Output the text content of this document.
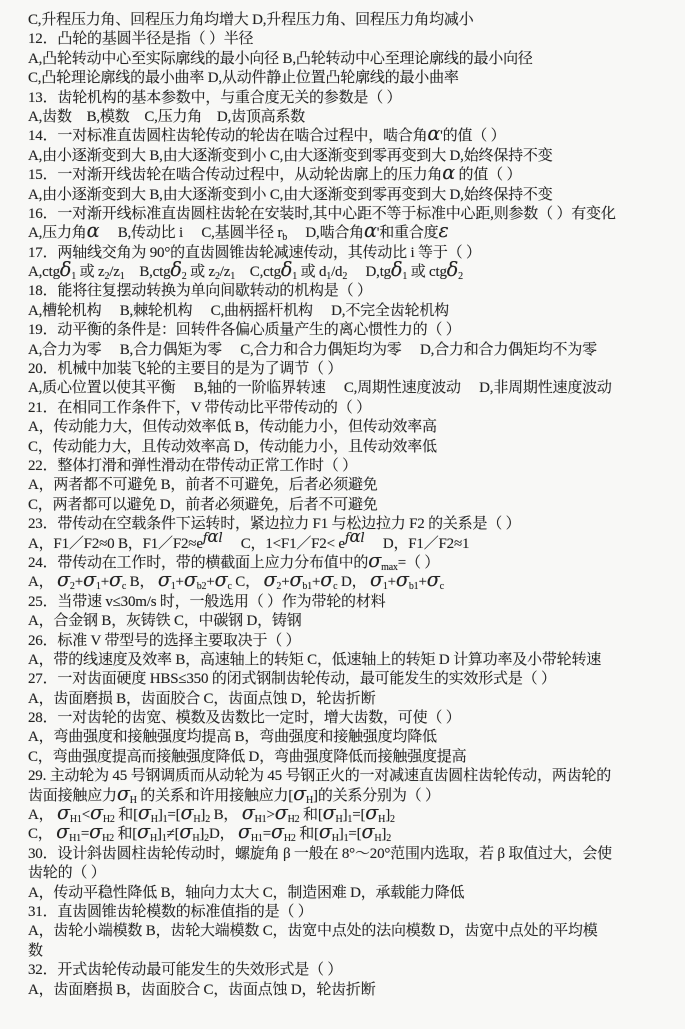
C,升程压力角、回程压力角均增大 D,升程压力角、回程压力角均减小
12．凸轮的基圆半径是指（ ）半径
A,凸轮转动中心至实际廓线的最小向径 B,凸轮转动中心至理论廓线的最小向径
C,凸轮理论廓线的最小曲率 D,从动件静止位置凸轮廓线的最小曲率
13．齿轮机构的基本参数中，与重合度无关的参数是（ ）
A,齿数　B,模数　C,压力角　D,齿顶高系数
14．一对标准直齿圆柱齿轮传动的轮齿在啮合过程中，啮合角α'的值（ ）
A,由小逐渐变到大 B,由大逐渐变到小 C,由大逐渐变到零再变到大 D,始终保持不变
15．一对渐开线齿轮在啮合传动过程中，从动轮齿廓上的压力角α 的值（ ）
A,由小逐渐变到大 B,由大逐渐变到小 C,由大逐渐变到零再变到大 D,始终保持不变
16．一对渐开线标准直齿圆柱齿轮在安装时,其中心距不等于标准中心距,则参数（ ）有变化
A,压力角α 　B,传动比 i　 C,基圆半径 $r_b$　 D,啮合角α'和重合度ε
17．两轴线交角为 90°的直齿圆锥齿轮减速传动，其传动比 i 等于（ ）
A,ctgδ$_1$ 或 $z_2/z_1$　B,ctgδ$_2$ 或 $z_2/z_1$　C,ctgδ$_1$ 或 $d_1/d_2$　 D,tgδ$_1$ 或 ctgδ$_2$
18．能将往复摆动转换为单向间歇转动的机构是（ ）
A,槽轮机构　 B,棘轮机构　 C,曲柄摇杆机构　 D,不完全齿轮机构
19．动平衡的条件是：回转件各偏心质量产生的离心惯性力的（ ）
A,合力为零　 B,合力偶矩为零　 C,合力和合力偶矩均为零　 D,合力和合力偶矩均不为零
20．机械中加装飞轮的主要目的是为了调节（ ）
A,质心位置以使其平衡　 B,轴的一阶临界转速　 C,周期性速度波动　 D,非周期性速度波动
21．在相同工作条件下，V 带传动比平带传动的（ ）
A，传动能力大，但传动效率低 B，传动能力小，但传动效率高
C，传动能力大，且传动效率高 D，传动能力小，且传动效率低
22．整体打滑和弹性滑动在带传动正常工作时（ ）
A，两者都不可避免 B，前者不可避免，后者必须避免
C，两者都可以避免 D，前者必须避免，后者不可避免
23．带传动在空载条件下运转时，紧边拉力 F1 与松边拉力 F2 的关系是（ ）
A，F1／F2≈0 B，$F1/F2\approx e^{f\alpha l}$　 C，1<F1／F2< $e^{f\alpha l}$　 D，F1／F2≈1
24．带传动在工作时，带的横截面上应力分布值中的$\sigma_{max}=$（ ）
A， $\sigma_2+\sigma_1+\sigma_c$ B， $\sigma_1+\sigma_{b2}+\sigma_c$ C， $\sigma_2+\sigma_{b1}+\sigma_c$ D， $\sigma_1+\sigma_{b1}+\sigma_c$
25．当带速 v≤30m/s 时，一般选用（ ）作为带轮的材料
A，合金钢 B，灰铸铁 C，中碳钢 D，铸钢
26．标准 V 带型号的选择主要取决于（ ）
A，带的线速度及效率 B，高速轴上的转矩 C，低速轴上的转矩 D 计算功率及小带轮转速
27．一对齿面硬度 HBS≤350 的闭式钢制齿轮传动，最可能发生的实效形式是（ ）
A，齿面磨损 B，齿面胶合 C，齿面点蚀 D，轮齿折断
28．一对齿轮的齿宽、模数及齿数比一定时，增大齿数，可使（ ）
A，弯曲强度和接触强度均提高 B，弯曲强度和接触强度均降低
C，弯曲强度提高而接触强度降低 D，弯曲强度降低而接触强度提高
29. 主动轮为 45 号钢调质而从动轮为 45 号钢正火的一对减速直齿圆柱齿轮传动，两齿轮的
齿面接触应力$\sigma_H$ 的关系和许用接触应力$[\sigma_H]$的关系分别为（ ）
A， $\sigma_{H1}<\sigma_{H2}$ 和$[\sigma_H]_1=[\sigma_H]_2$ B， $\sigma_{H1}>\sigma_{H2}$ 和$[\sigma_H]_1=[\sigma_H]_2$
C， $\sigma_{H1}=\sigma_{H2}$ 和$[\sigma_H]_1\ne[\sigma_H]_2D$， $\sigma_{H1}=\sigma_{H2}$ 和$[\sigma_H]_1=[\sigma_H]_2$
30．设计斜齿圆柱齿轮传动时，螺旋角 β 一般在 8°～20°范围内选取，若 β 取值过大，会使
齿轮的（ ）
A，传动平稳性降低 B，轴向力太大 C，制造困难 D，承载能力降低
31．直齿圆锥齿轮模数的标准值指的是（ ）
A，齿轮小端模数 B，齿轮大端模数 C，齿宽中点处的法向模数 D，齿宽中点处的平均模
数
32．开式齿轮传动最可能发生的失效形式是（ ）
A，齿面磨损 B，齿面胶合 C，齿面点蚀 D，轮齿折断
